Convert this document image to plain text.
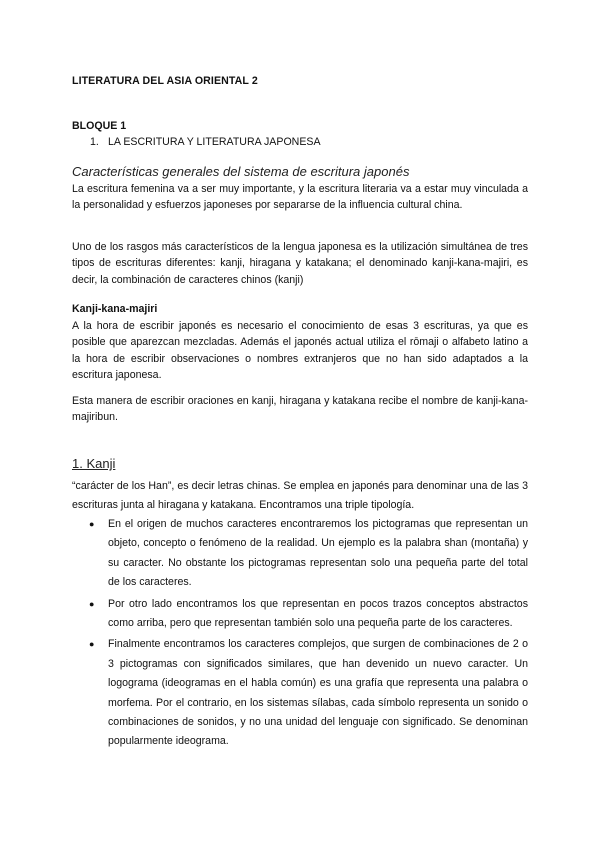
LITERATURA DEL ASIA ORIENTAL 2
BLOQUE 1
1. LA ESCRITURA Y LITERATURA JAPONESA
Características generales del sistema de escritura japonés
La escritura femenina va a ser muy importante, y la escritura literaria va a estar muy vinculada a la personalidad y esfuerzos japoneses por separarse de la influencia cultural china.
Uno de los rasgos más característicos de la lengua japonesa es la utilización simultánea de tres tipos de escrituras diferentes: kanji, hiragana y katakana; el denominado kanji-kana-majiri, es decir, la combinación de caracteres chinos (kanji)
Kanji-kana-majiri
A la hora de escribir japonés es necesario el conocimiento de esas 3 escrituras, ya que es posible que aparezcan mezcladas. Además el japonés actual utiliza el rōmaji o alfabeto latino a la hora de escribir observaciones o nombres extranjeros que no han sido adaptados a la escritura japonesa.
Esta manera de escribir oraciones en kanji, hiragana y katakana recibe el nombre de kanji-kana-majiribun.
1. Kanji
“carácter de los Han”, es decir letras chinas. Se emplea en japonés para denominar una de las 3 escrituras junta al hiragana y katakana. Encontramos una triple tipología.
● En el origen de muchos caracteres encontraremos los pictogramas que representan un objeto, concepto o fenómeno de la realidad. Un ejemplo es la palabra shan (montaña) y su caracter. No obstante los pictogramas representan solo una pequeña parte del total de los caracteres.
● Por otro lado encontramos los que representan en pocos trazos conceptos abstractos como arriba, pero que representan también solo una pequeña parte de los caracteres.
● Finalmente encontramos los caracteres complejos, que surgen de combinaciones de 2 o 3 pictogramas con significados similares, que han devenido un nuevo caracter. Un logograma (ideogramas en el habla común) es una grafía que representa una palabra o morfema. Por el contrario, en los sistemas sílabas, cada símbolo representa un sonido o combinaciones de sonidos, y no una unidad del lenguaje con significado. Se denominan popularmente ideograma.
